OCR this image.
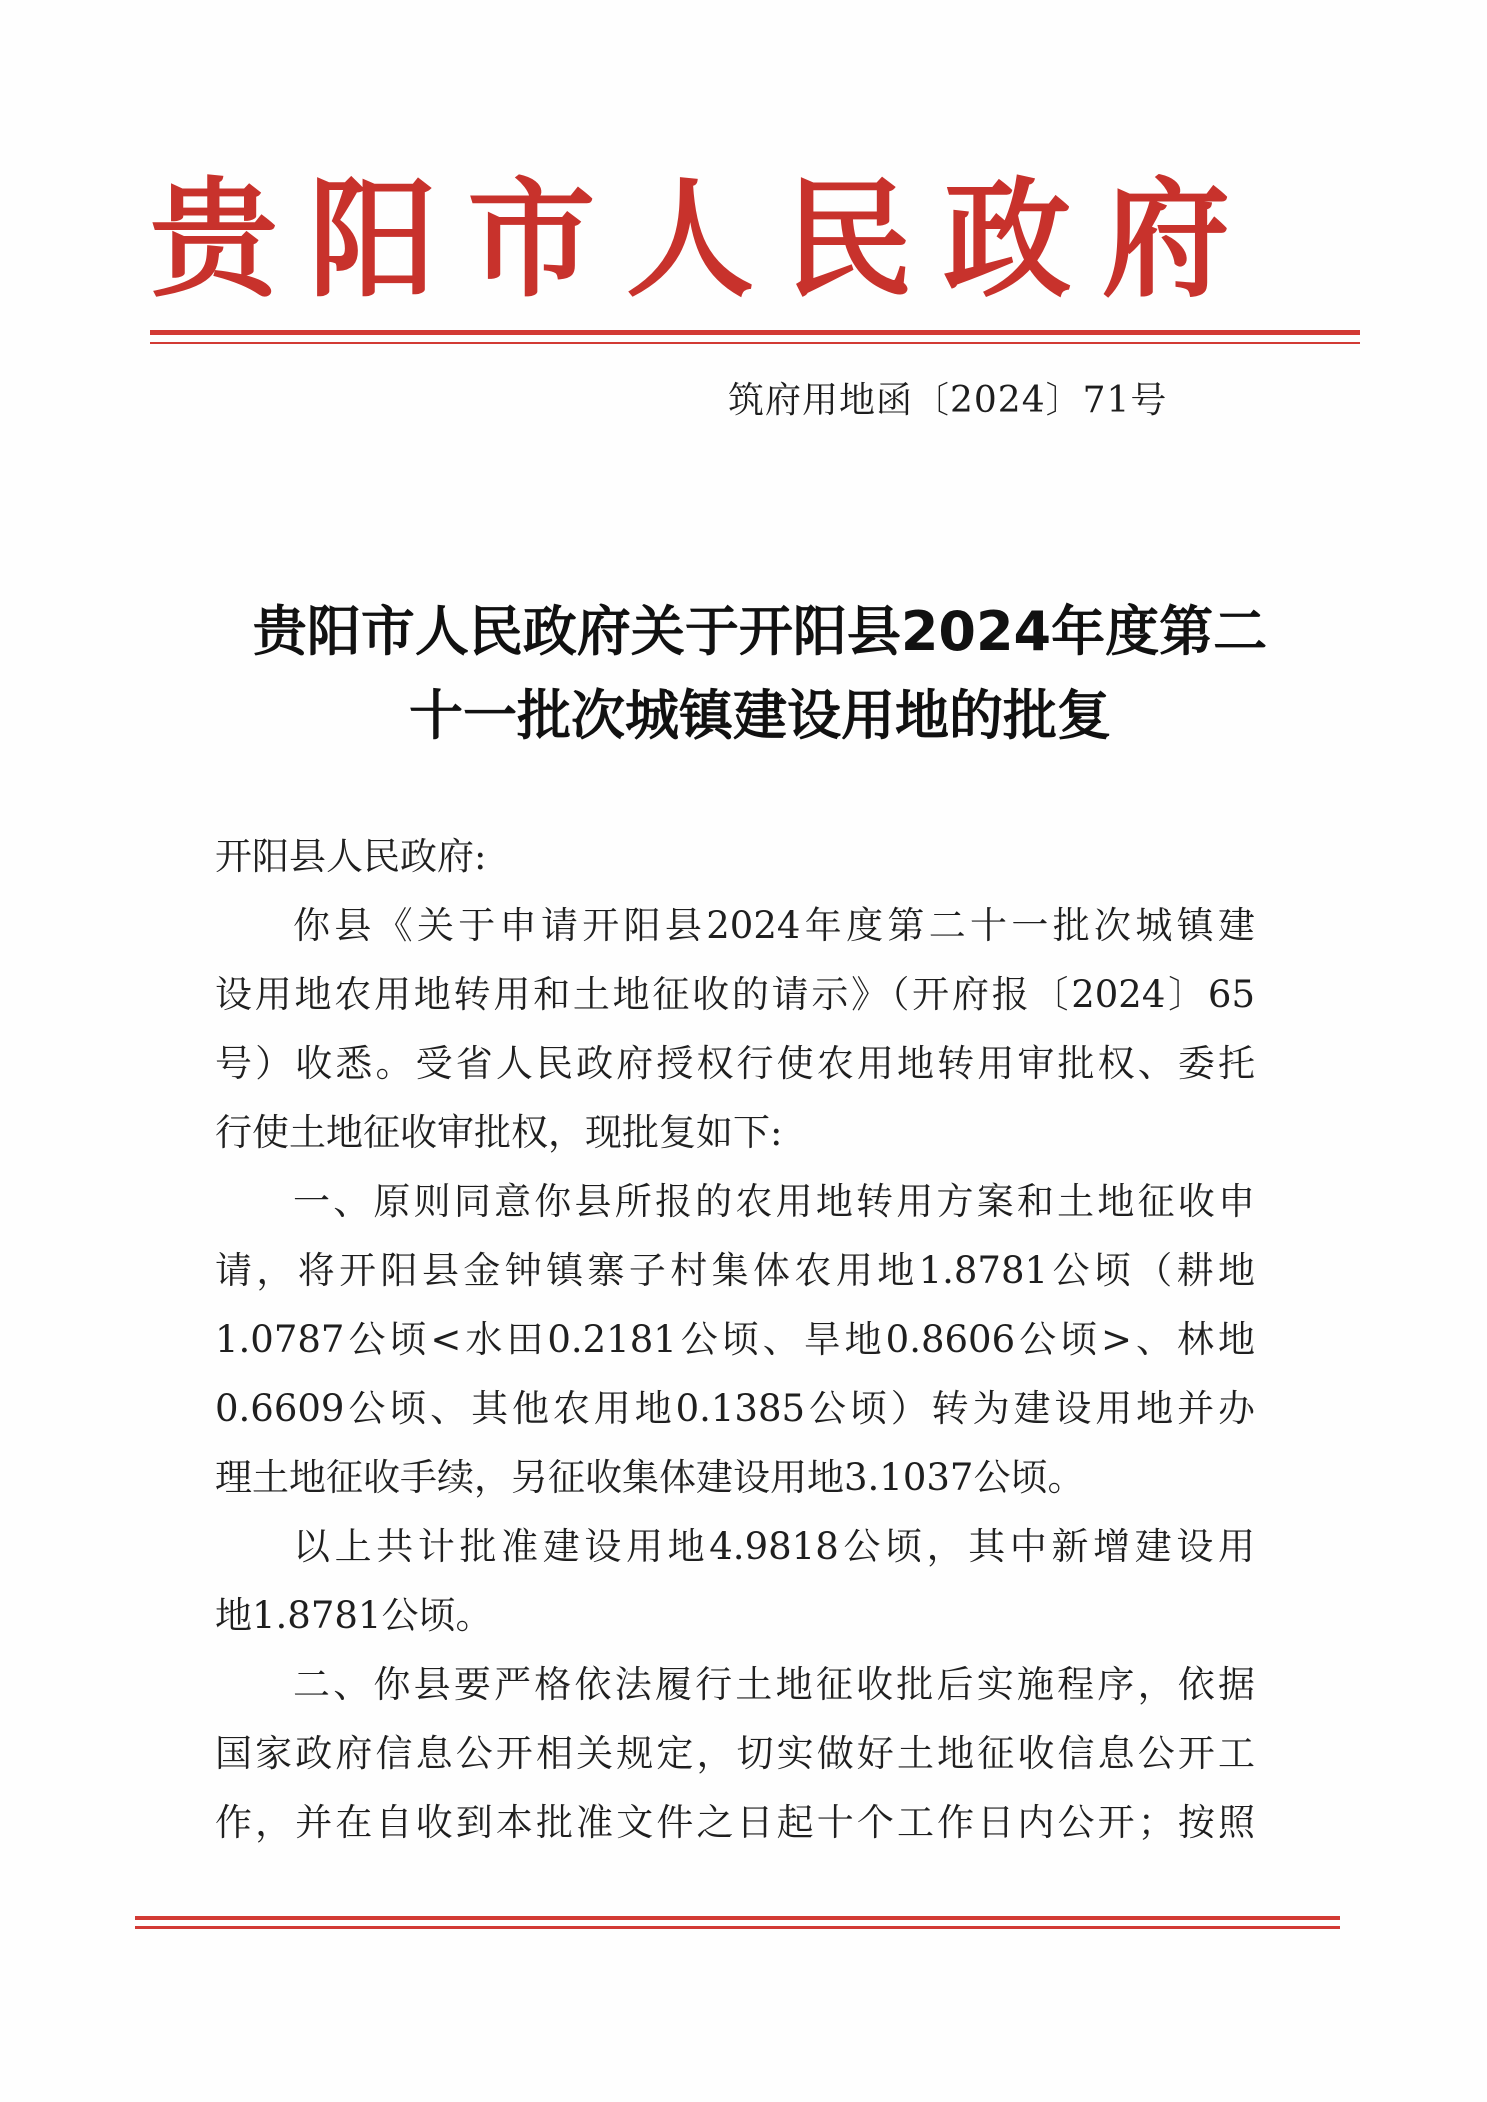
贵 阳 市 人 民 政 府
筑府用地函〔2024〕71号
贵阳市人民政府关于开阳县2024年度第二
十一批次城镇建设用地的批复
开阳县人民政府:
你县《关于申请开阳县2024年度第二十一批次城镇建
设用地农用地转用和土地征收的请示》（开府报〔2024〕65
号）收悉。受省人民政府授权行使农用地转用审批权、委托
行使土地征收审批权，现批复如下:
一、原则同意你县所报的农用地转用方案和土地征收申
请，将开阳县金钟镇寨子村集体农用地1.8781公顷（耕地
1.0787公顷<水田0.2181公顷、旱地0.8606公顷>、林地
0.6609公顷、其他农用地0.1385公顷）转为建设用地并办
理土地征收手续，另征收集体建设用地3.1037公顷。
以上共计批准建设用地4.9818公顷，其中新增建设用
地1.8781公顷。
二、你县要严格依法履行土地征收批后实施程序，依据
国家政府信息公开相关规定，切实做好土地征收信息公开工
作，并在自收到本批准文件之日起十个工作日内公开；按照
